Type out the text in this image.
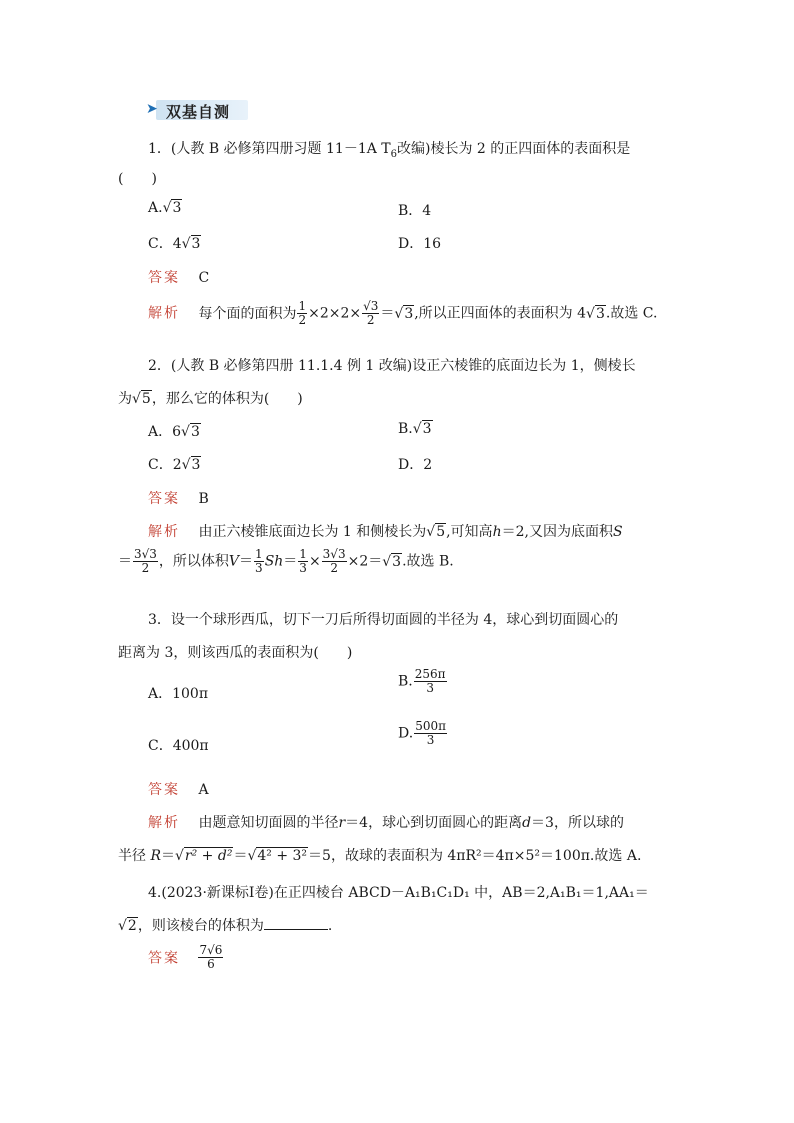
➤ 双基自测
1．(人教 B 必修第四册习题 11－1A $T_6$改编)棱长为 2 的正四面体的表面积是
(　　)
A.√3	B．4
C．4√3	D．16
答案 C
解析 每个面的面积为 $\frac{1}{2} \times 2\times 2\times \frac{√3}{2} =√3$,所以正四面体的表面积为 4√3.故选 C.
2．(人教 B 必修第四册 11.1.4 例 1 改编)设正六棱锥的底面边长为 1，侧棱长
为√5，那么它的体积为(　　)
A．6√3	B.√3
C．2√3	D．2
答案 B
解析 由正六棱锥底面边长为 1 和侧棱长为√5,可知高h＝2,又因为底面积S
＝ $\frac{3√3}{2}$ ，所以体积$V= \frac{1}{3} Sh= \frac{1}{3} \times \frac{3√3}{2} \times 2=√3$.故选 B.
3．设一个球形西瓜，切下一刀后所得切面圆的半径为 4，球心到切面圆心的
距离为 3，则该西瓜的表面积为(　　)
A．100π
B. $\frac{256\pi}{3}$
C．400π
D. $\frac{500\pi}{3}$
答案 A
解析 由题意知切面圆的半径r＝4，球心到切面圆心的距离d＝3，所以球的
半径 R＝√r² + d²＝√4² + 3²＝5，故球的表面积为 4πR²＝4π×5²＝100π.故选 A.
4.(2023·新课标Ⅰ卷)在正四棱台 ABCD－A₁B₁C₁D₁ 中，AB＝2,A₁B₁＝1,AA₁＝
√2，则该棱台的体积为	.
答案 $\frac{7√6}{6}$
